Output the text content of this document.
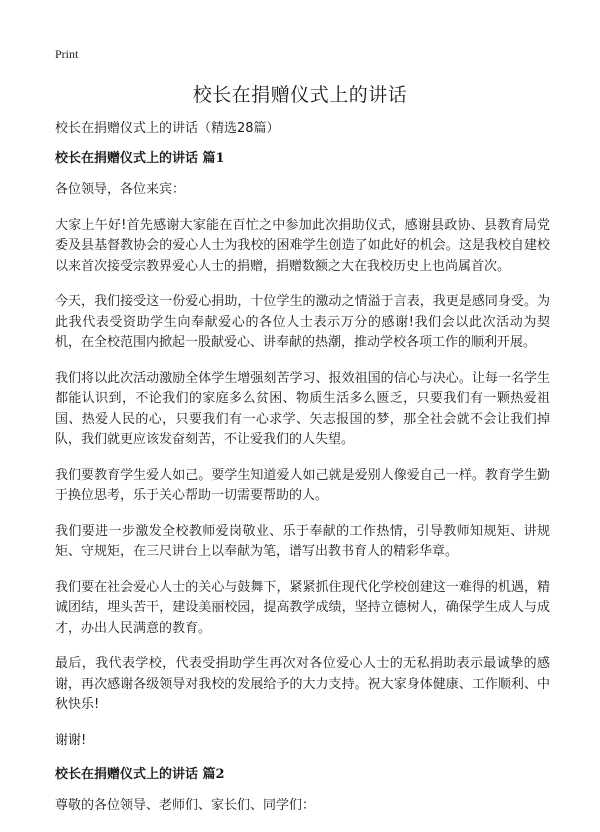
Print
校长在捐赠仪式上的讲话

校长在捐赠仪式上的讲话（精选28篇）

校长在捐赠仪式上的讲话 篇1

各位领导，各位来宾：

大家上午好!首先感谢大家能在百忙之中参加此次捐助仪式，感谢县政协、县教育局党委及县基督教协会的爱心人士为我校的困难学生创造了如此好的机会。这是我校自建校以来首次接受宗教界爱心人士的捐赠，捐赠数额之大在我校历史上也尚属首次。

今天，我们接受这一份爱心捐助，十位学生的激动之情溢于言表，我更是感同身受。为此我代表受资助学生向奉献爱心的各位人士表示万分的感谢!我们会以此次活动为契机，在全校范围内掀起一股献爱心、讲奉献的热潮，推动学校各项工作的顺利开展。

我们将以此次活动激励全体学生增强刻苦学习、报效祖国的信心与决心。让每一名学生都能认识到，不论我们的家庭多么贫困、物质生活多么匮乏，只要我们有一颗热爱祖国、热爱人民的心，只要我们有一心求学、矢志报国的梦，那全社会就不会让我们掉队，我们就更应该发奋刻苦，不让爱我们的人失望。

我们要教育学生爱人如己。要学生知道爱人如己就是爱别人像爱自己一样。教育学生勤于换位思考，乐于关心帮助一切需要帮助的人。

我们要进一步激发全校教师爱岗敬业、乐于奉献的工作热情，引导教师知规矩、讲规矩、守规矩，在三尺讲台上以奉献为笔，谱写出教书育人的精彩华章。

我们要在社会爱心人士的关心与鼓舞下，紧紧抓住现代化学校创建这一难得的机遇，精诚团结，埋头苦干，建设美丽校园，提高教学成绩，坚持立德树人，确保学生成人与成才，办出人民满意的教育。

最后，我代表学校，代表受捐助学生再次对各位爱心人士的无私捐助表示最诚挚的感谢，再次感谢各级领导对我校的发展给予的大力支持。祝大家身体健康、工作顺利、中秋快乐!

谢谢!

校长在捐赠仪式上的讲话 篇2

尊敬的各位领导、老师们、家长们、同学们：
